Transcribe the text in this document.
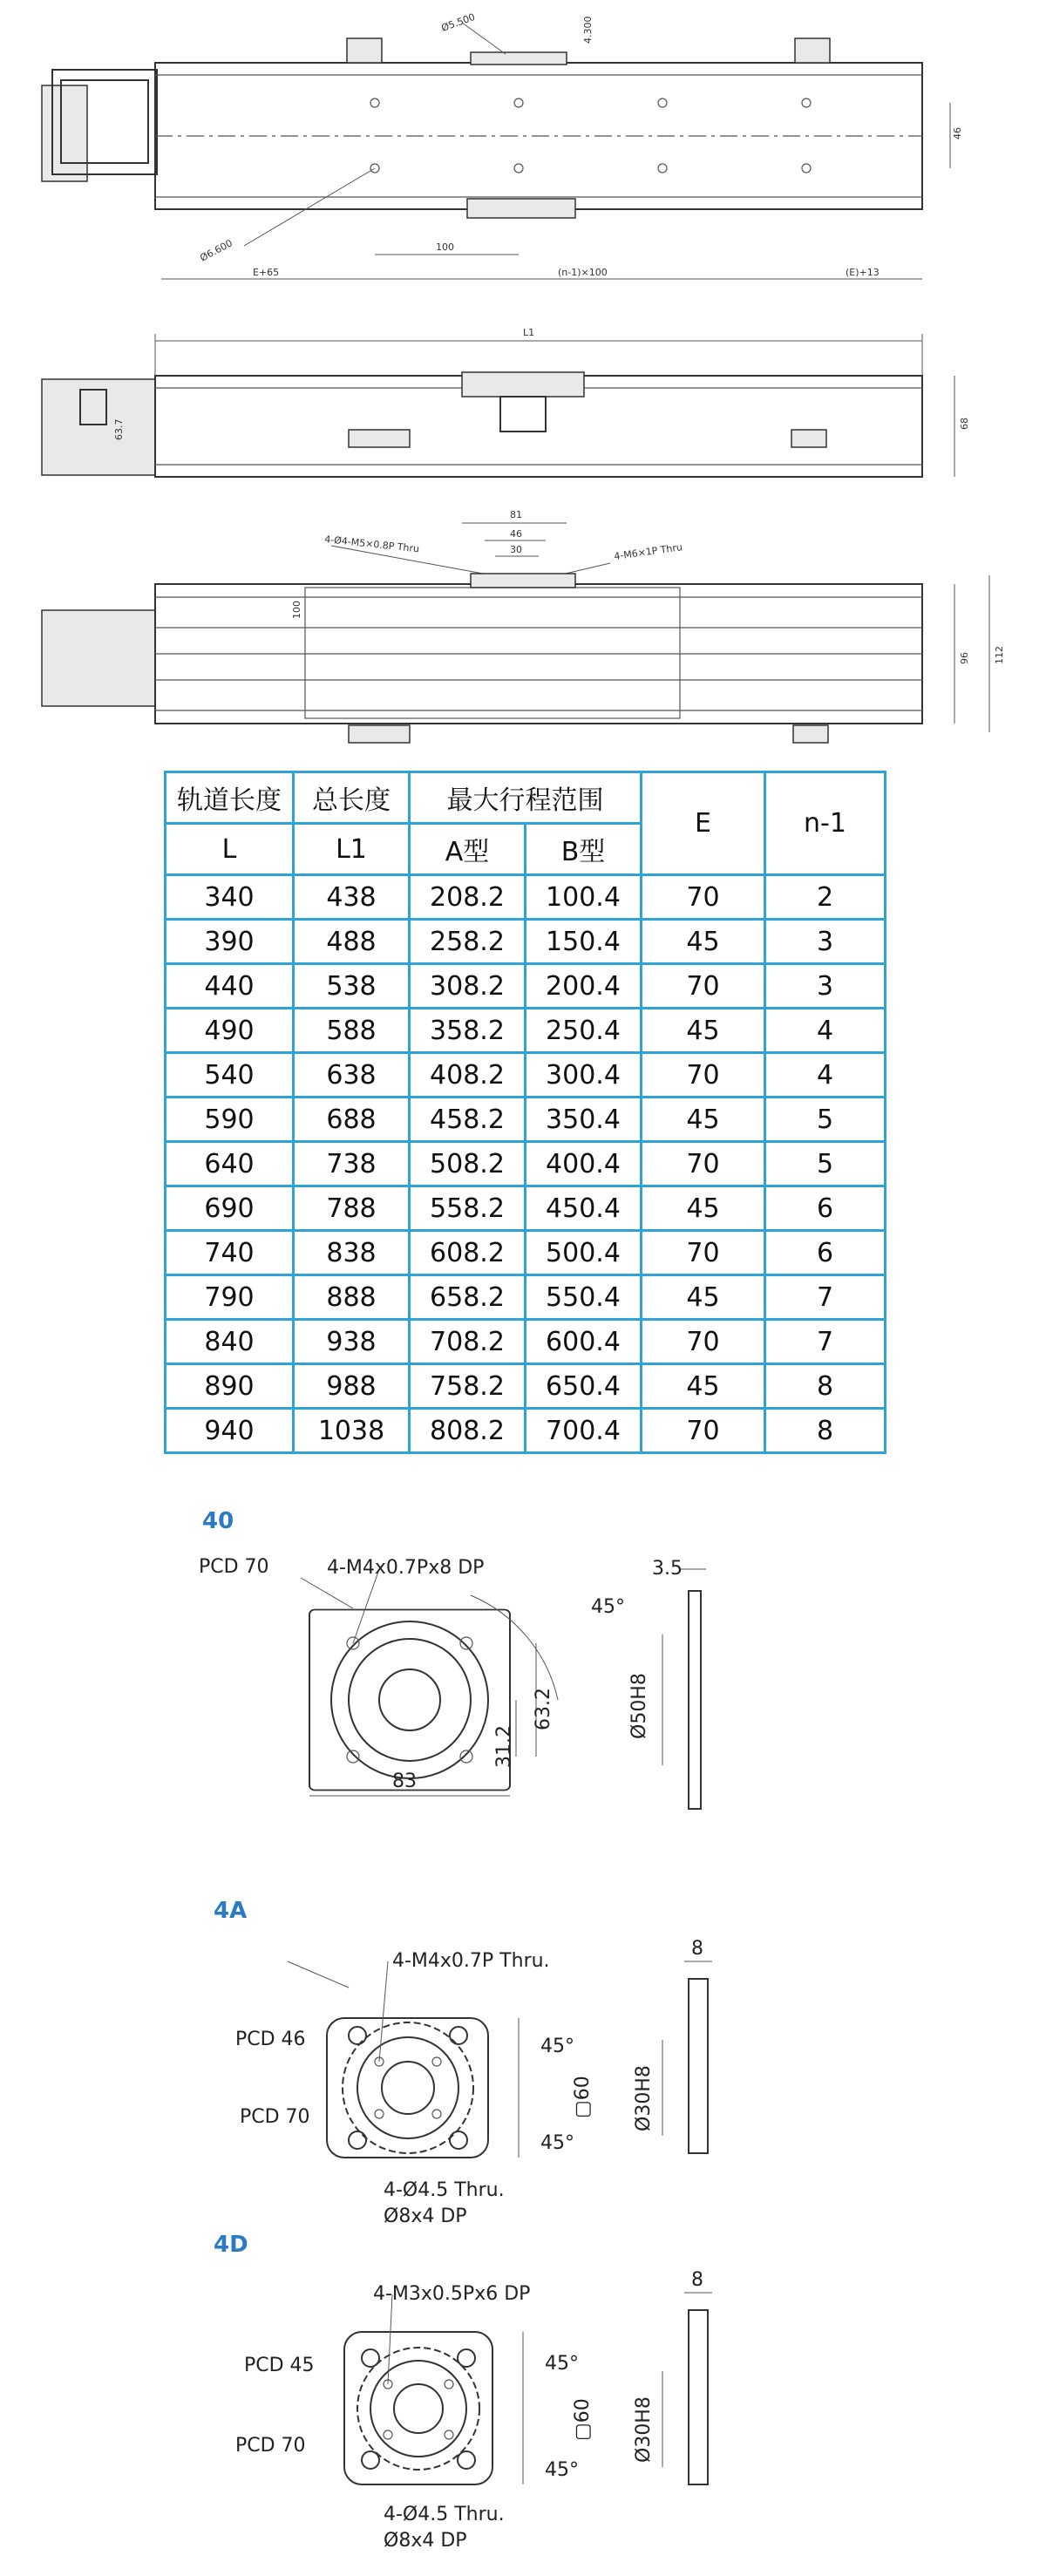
Ø5.500	4.300
Ø6.600	100
46
E+65	(n-1)×100	(E)+13
L1
63.7	68
81
46
30
4-Ø4-M5×0.8P Thru	4-M6×1P Thru
100
96 112
轨道长度	总长度	最大行程范围		E	n-1
L	L1	A型	B型		
340	438	208.2	100.4	70	2
390	488	258.2	150.4	45	3
440	538	308.2	200.4	70	3
490	588	358.2	250.4	45	4
540	638	408.2	300.4	70	4
590	688	458.2	350.4	45	5
640	738	508.2	400.4	70	5
690	788	558.2	450.4	45	6
740	838	608.2	500.4	70	6
790	888	658.2	550.4	45	7
840	938	708.2	600.4	70	7
890	988	758.2	650.4	45	8
940	1038	808.2	700.4	70	8
40
4-M4x0.7Px8 DP
PCD 70
45°
63.2
31.2
83
Ø50H8
3.5
4A
4-M4x0.7P Thru.
PCD 46
PCD 70
45°
45°
▢60 Ø30H8
8
4-Ø4.5 Thru.
Ø8x4 DP
4D
4-M3x0.5Px6 DP
PCD 45
PCD 70
45°
45°
▢60 Ø30H8
8
4-Ø4.5 Thru.
Ø8x4 DP
